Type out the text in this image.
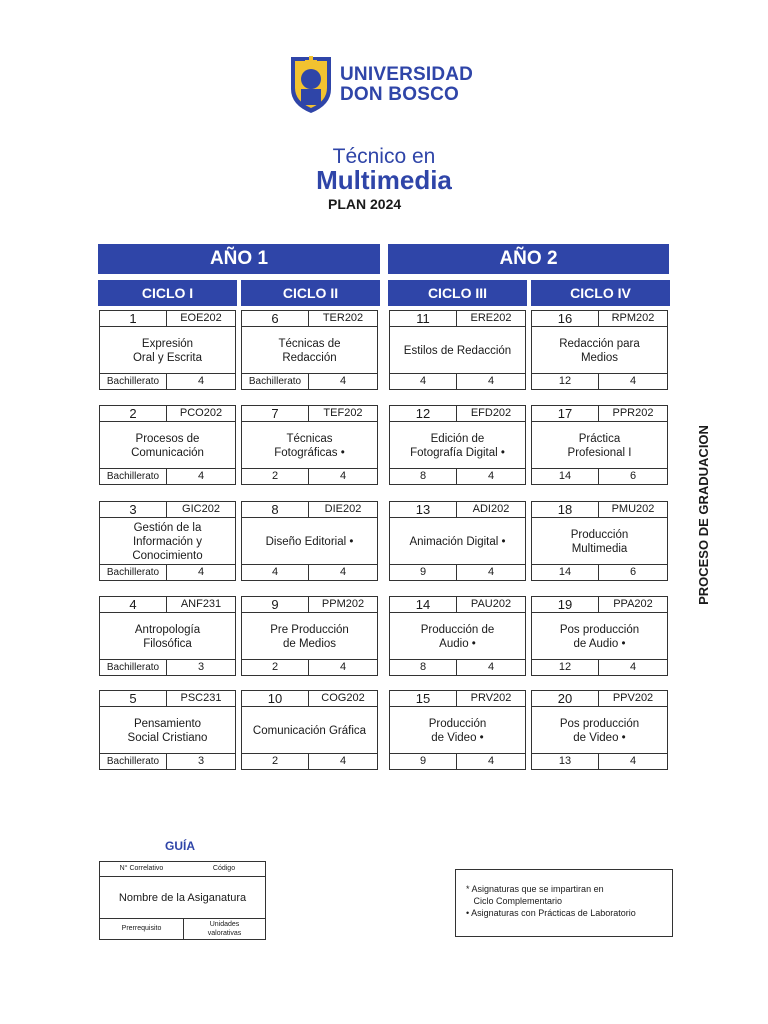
UNIVERSIDAD
DON BOSCO
Técnico en
Multimedia
PLAN 2024
AÑO 1	AÑO 2
CICLO I	CICLO II	CICLO III	CICLO IV
1	EOE202
Expresión
Oral y Escrita
Bachillerato	4
2	PCO202
Procesos de
Comunicación
Bachillerato	4
3	GIC202
Gestión de la
Información y
Conocimiento
Bachillerato	4
4	ANF231
Antropología
Filosófica
Bachillerato	3
5	PSC231
Pensamiento
Social Cristiano
Bachillerato	3
6	TER202
Técnicas de
Redacción
Bachillerato	4
7	TEF202
Técnicas
Fotográficas •
2	4
8	DIE202
Diseño Editorial •
4	4
9	PPM202
Pre Producción
de Medios
2	4
10	COG202
Comunicación Gráfica
2	4
11	ERE202
Estilos de Redacción
4	4
12	EFD202
Edición de
Fotografía Digital •
8	4
13	ADI202
Animación Digital •
9	4
14	PAU202
Producción de
Audio •
8	4
15	PRV202
Producción
de Video •
9	4
16	RPM202
Redacción para
Medios
12	4
17	PPR202
Práctica
Profesional I
14	6
18	PMU202
Producción
Multimedia
14	6
19	PPA202
Pos producción
de Audio •
12	4
20	PPV202
Pos producción
de Video •
13	4
PROCESO DE GRADUACION
GUÍA
N° Correlativo	Código
Nombre de la Asiganatura
Prerrequisito
Unidades
valorativas
* Asignaturas que se impartiran en
Ciclo Complementario
• Asignaturas con Prácticas de Laboratorio
